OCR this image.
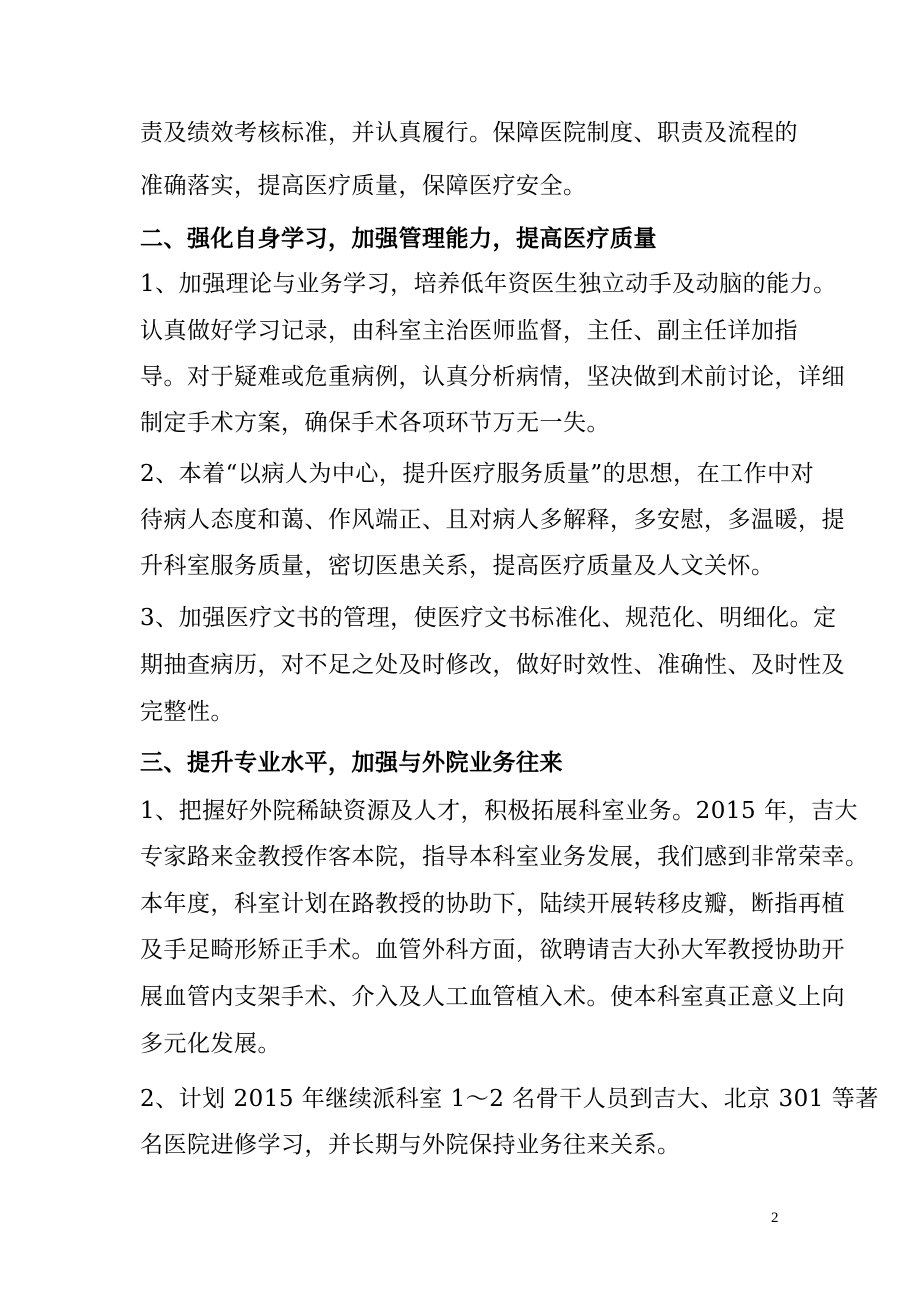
责及绩效考核标准，并认真履行。保障医院制度、职责及流程的
准确落实，提高医疗质量，保障医疗安全。
二、强化自身学习，加强管理能力，提高医疗质量
1、加强理论与业务学习，培养低年资医生独立动手及动脑的能力。
认真做好学习记录，由科室主治医师监督，主任、副主任详加指
导。对于疑难或危重病例，认真分析病情，坚决做到术前讨论，详细
制定手术方案，确保手术各项环节万无一失。
2、本着“以病人为中心，提升医疗服务质量”的思想，在工作中对
待病人态度和蔼、作风端正、且对病人多解释，多安慰，多温暖，提
升科室服务质量，密切医患关系，提高医疗质量及人文关怀。
3、加强医疗文书的管理，使医疗文书标准化、规范化、明细化。定
期抽查病历，对不足之处及时修改，做好时效性、准确性、及时性及
完整性。
三、提升专业水平，加强与外院业务往来
1、把握好外院稀缺资源及人才，积极拓展科室业务。2015 年，吉大
专家路来金教授作客本院，指导本科室业务发展，我们感到非常荣幸。
本年度，科室计划在路教授的协助下，陆续开展转移皮瓣，断指再植
及手足畸形矫正手术。血管外科方面，欲聘请吉大孙大军教授协助开
展血管内支架手术、介入及人工血管植入术。使本科室真正意义上向
多元化发展。
2、计划 2015 年继续派科室 1～2 名骨干人员到吉大、北京 301 等著
名医院进修学习，并长期与外院保持业务往来关系。
2
